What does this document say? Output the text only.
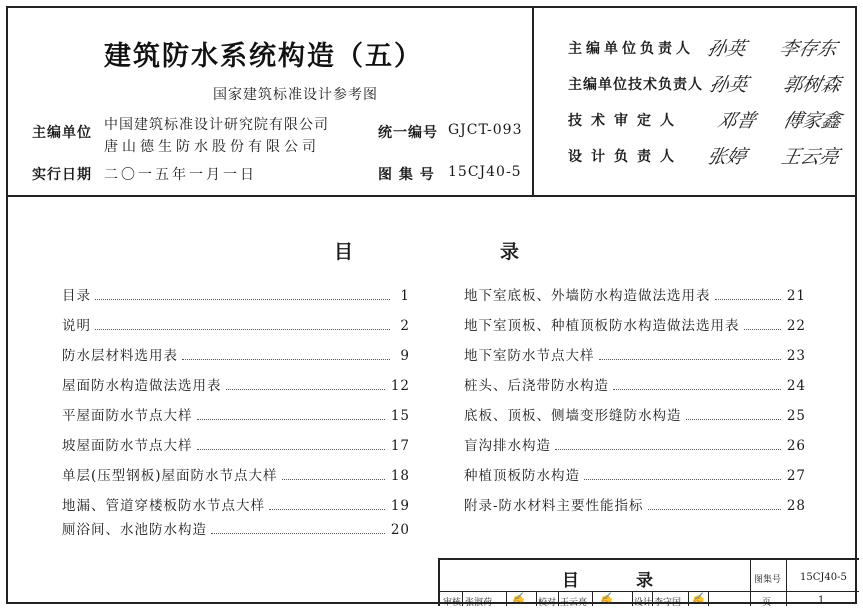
建筑防水系统构造（五）
国家建筑标准设计参考图
主编单位 中国建筑标准设计研究院有限公司
唐山德生防水股份有限公司
统一编号 GJCT-093
实行日期 二〇一五年一月一日	图 集 号 15CJ40-5
主编单位负责人 孙英 李存东
主编单位技术负责人 孙英 郭树森
技术审定人 邓普 傅家鑫
设计负责人 张婷 王云亮
目	录
目录	1
说明	2
防水层材料选用表	9
屋面防水构造做法选用表	12
平屋面防水节点大样	15
坡屋面防水节点大样	17
单层(压型钢板)屋面防水节点大样	18
地漏、管道穿楼板防水节点大样	19
厕浴间、水池防水构造	20
地下室底板、外墙防水构造做法选用表	21
地下室顶板、种植顶板防水构造做法选用表	22
地下室防水节点大样	23
桩头、后浇带防水构造	24
底板、顶板、侧墙变形缝防水构造	25
盲沟排水构造	26
种植顶板防水构造	27
附录-防水材料主要性能指标	28
目	录	图集号 15CJ40-5
审核 张淑荷 ✍ 校对 王云亮 ✍ 设计 李守国 ✍	页	1
